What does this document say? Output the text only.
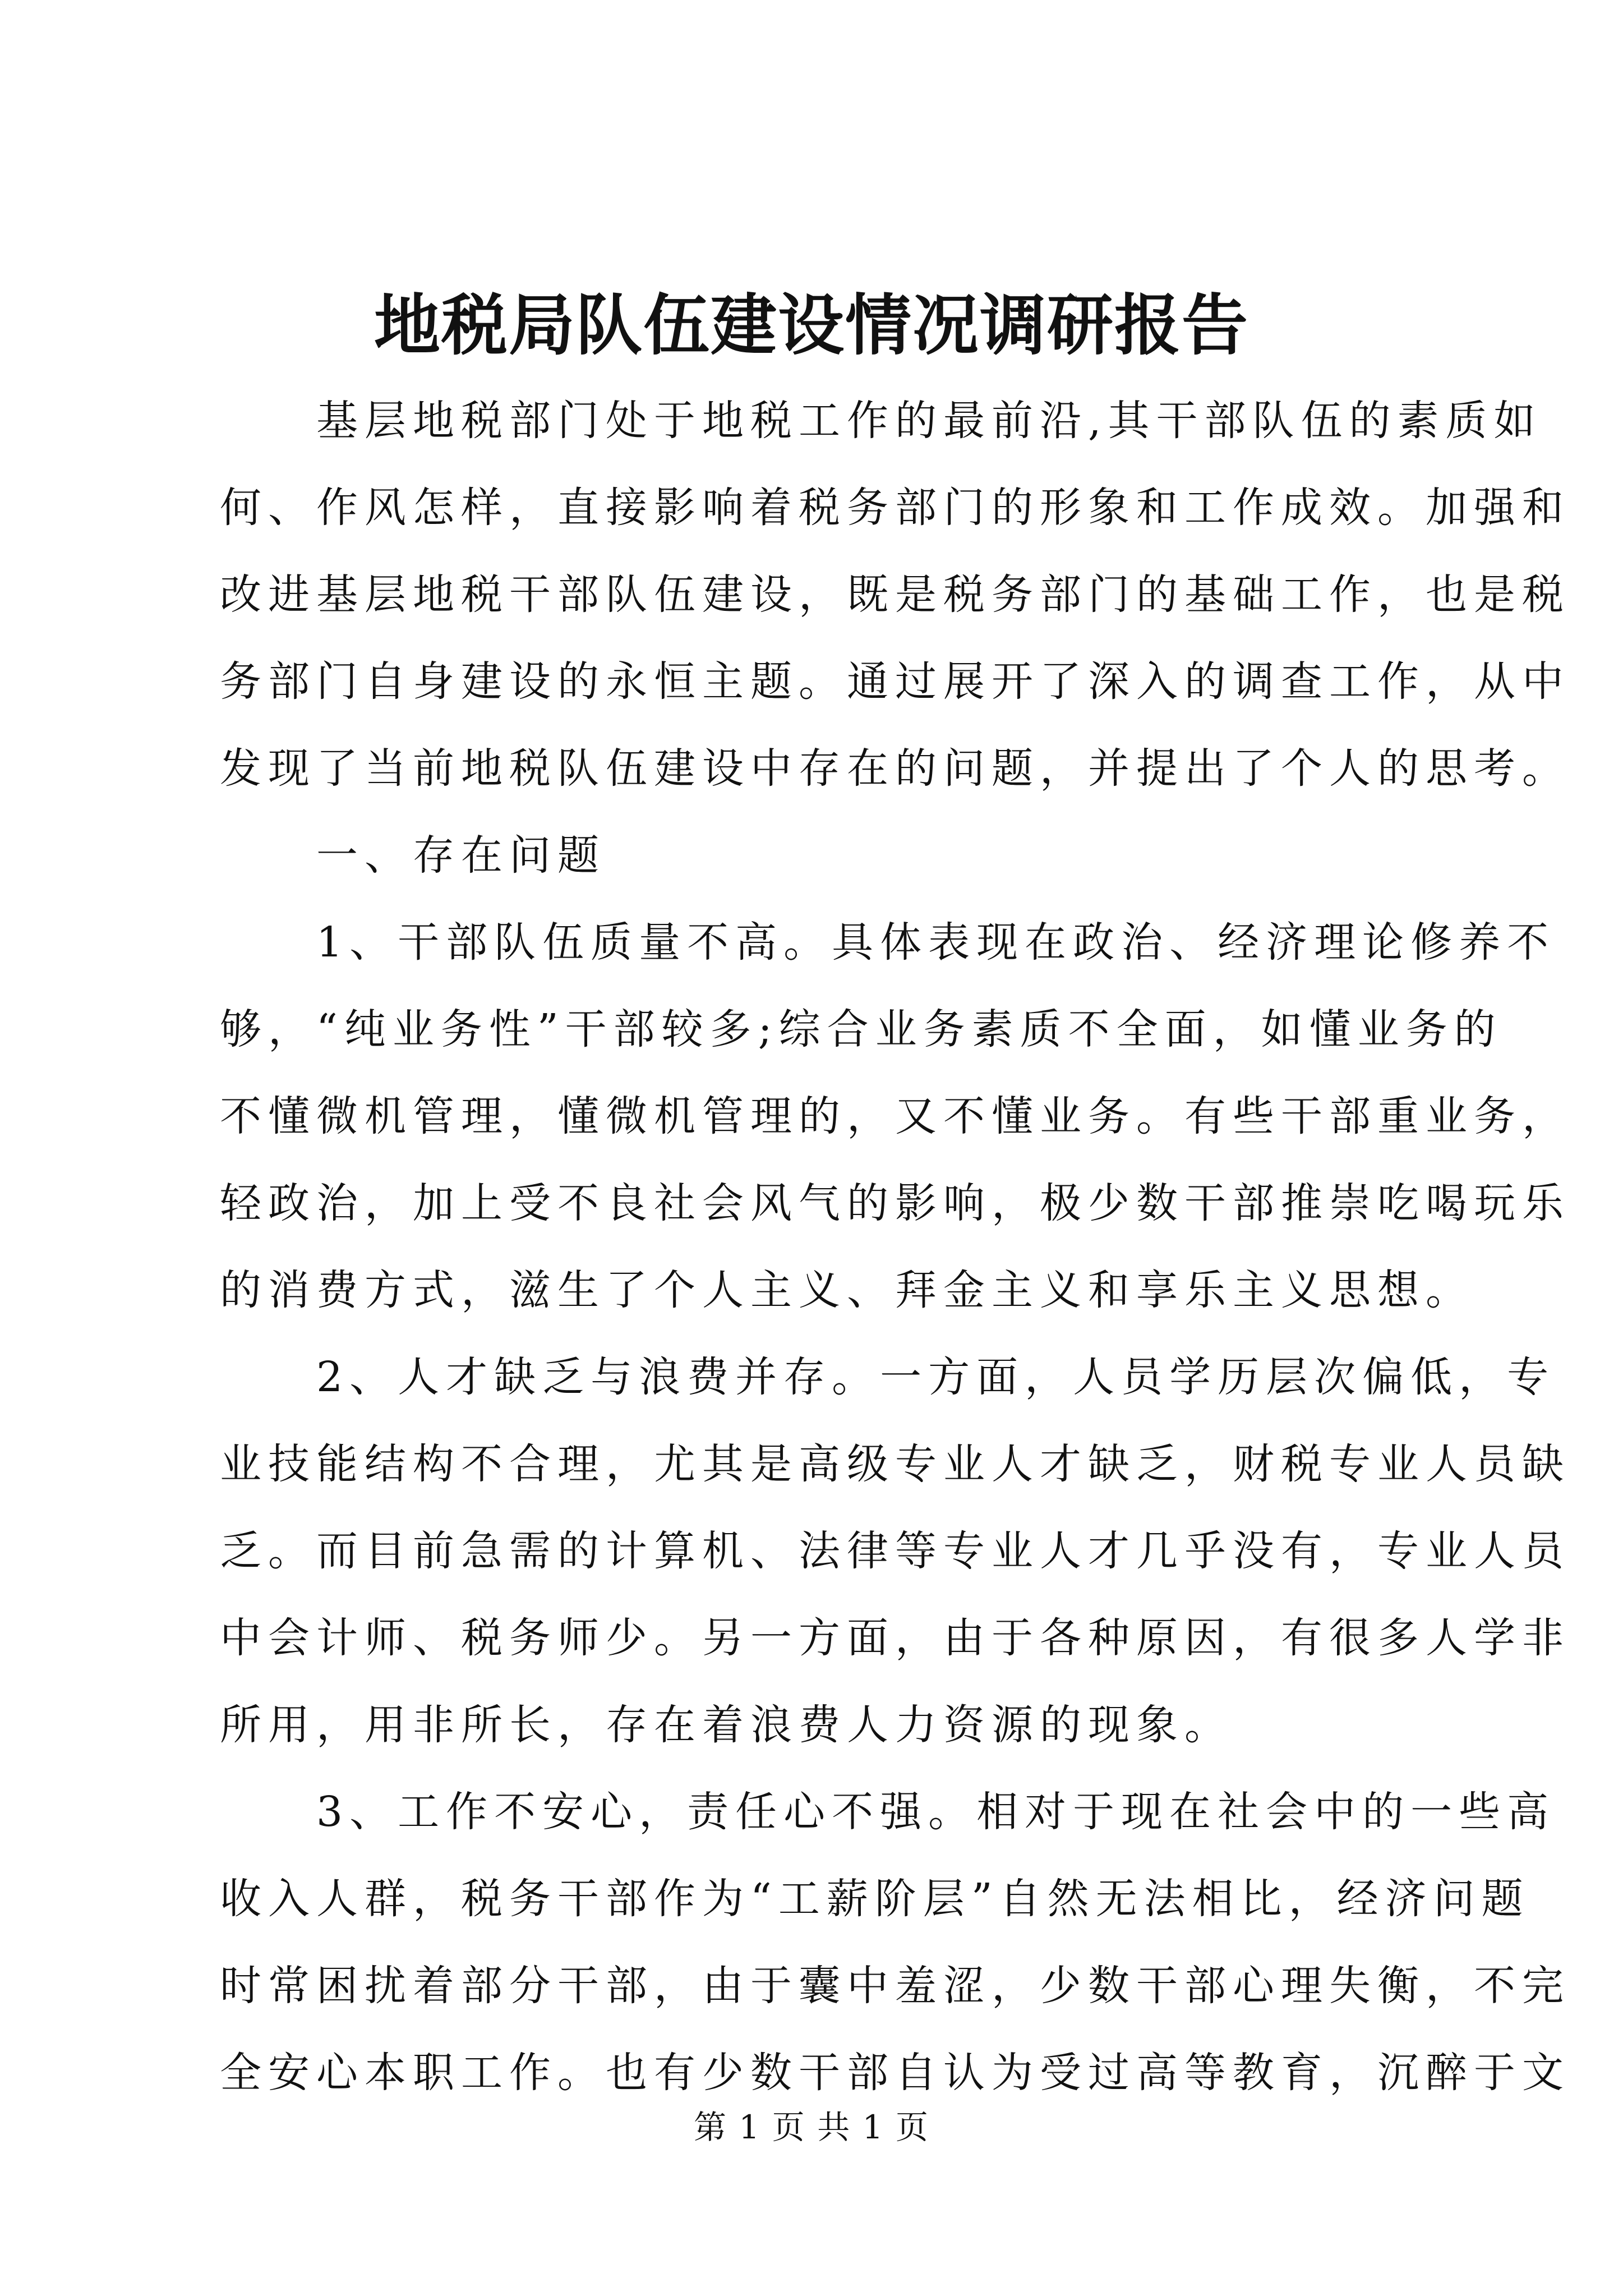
地税局队伍建设情况调研报告
　　基层地税部门处于地税工作的最前沿,其干部队伍的素质如
何、作风怎样，直接影响着税务部门的形象和工作成效。加强和
改进基层地税干部队伍建设，既是税务部门的基础工作，也是税
务部门自身建设的永恒主题。通过展开了深入的调查工作，从中
发现了当前地税队伍建设中存在的问题，并提出了个人的思考。
　　一、存在问题
　　1、干部队伍质量不高。具体表现在政治、经济理论修养不
够，“纯业务性”干部较多;综合业务素质不全面，如懂业务的
不懂微机管理，懂微机管理的，又不懂业务。有些干部重业务，
轻政治，加上受不良社会风气的影响，极少数干部推崇吃喝玩乐
的消费方式，滋生了个人主义、拜金主义和享乐主义思想。
　　2、人才缺乏与浪费并存。一方面，人员学历层次偏低，专
业技能结构不合理，尤其是高级专业人才缺乏，财税专业人员缺
乏。而目前急需的计算机、法律等专业人才几乎没有，专业人员
中会计师、税务师少。另一方面，由于各种原因，有很多人学非
所用，用非所长，存在着浪费人力资源的现象。
　　3、工作不安心，责任心不强。相对于现在社会中的一些高
收入人群，税务干部作为“工薪阶层”自然无法相比，经济问题
时常困扰着部分干部，由于囊中羞涩，少数干部心理失衡，不完
全安心本职工作。也有少数干部自认为受过高等教育，沉醉于文
第 1 页 共 1 页
